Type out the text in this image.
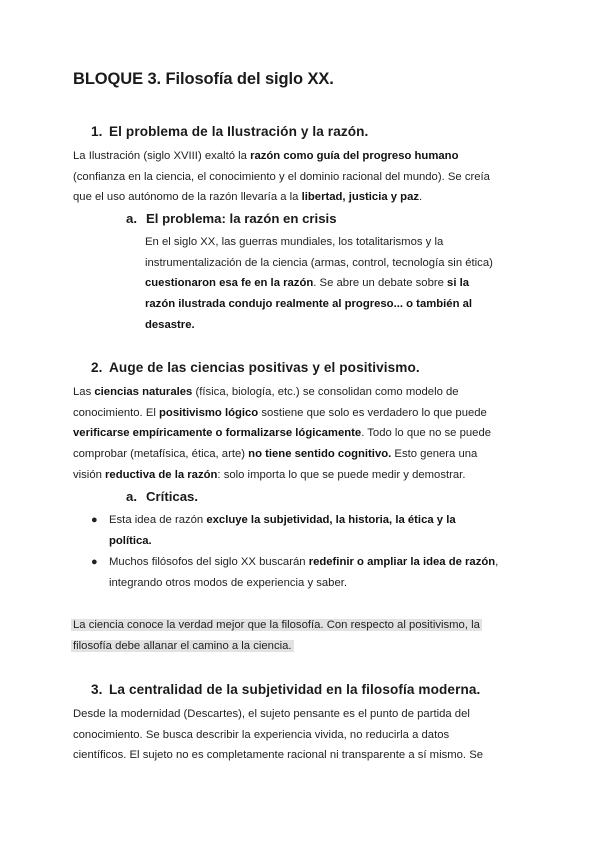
BLOQUE 3. Filosofía del siglo XX.
1. El problema de la Ilustración y la razón.
La Ilustración (siglo XVIII) exaltó la razón como guía del progreso humano
(confianza en la ciencia, el conocimiento y el dominio racional del mundo). Se creía
que el uso autónomo de la razón llevaría a la libertad, justicia y paz.
a. El problema: la razón en crisis
En el siglo XX, las guerras mundiales, los totalitarismos y la
instrumentalización de la ciencia (armas, control, tecnología sin ética)
cuestionaron esa fe en la razón. Se abre un debate sobre si la
razón ilustrada condujo realmente al progreso... o también al
desastre.
2. Auge de las ciencias positivas y el positivismo.
Las ciencias naturales (física, biología, etc.) se consolidan como modelo de
conocimiento. El positivismo lógico sostiene que solo es verdadero lo que puede
verificarse empíricamente o formalizarse lógicamente. Todo lo que no se puede
comprobar (metafísica, ética, arte) no tiene sentido cognitivo. Esto genera una
visión reductiva de la razón: solo importa lo que se puede medir y demostrar.
a. Críticas.
● Esta idea de razón excluye la subjetividad, la historia, la ética y la
política.
● Muchos filósofos del siglo XX buscarán redefinir o ampliar la idea de razón,
integrando otros modos de experiencia y saber.
La ciencia conoce la verdad mejor que la filosofía. Con respecto al positivismo, la
filosofía debe allanar el camino a la ciencia.
3. La centralidad de la subjetividad en la filosofía moderna.
Desde la modernidad (Descartes), el sujeto pensante es el punto de partida del
conocimiento. Se busca describir la experiencia vivida, no reducirla a datos
científicos. El sujeto no es completamente racional ni transparente a sí mismo. Se
